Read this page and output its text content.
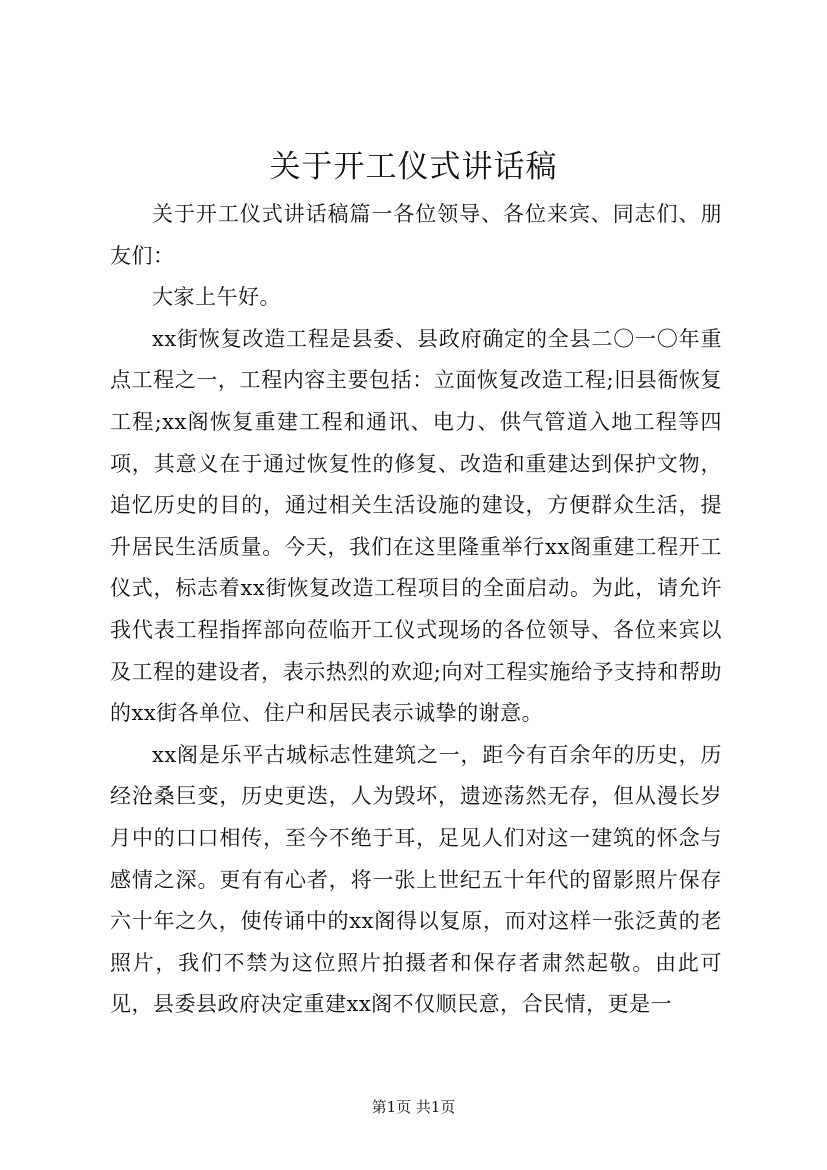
关于开工仪式讲话稿

关于开工仪式讲话稿篇一各位领导、各位来宾、同志们、朋友们：

大家上午好。

xx街恢复改造工程是县委、县政府确定的全县二〇一〇年重点工程之一，工程内容主要包括：立面恢复改造工程;旧县衙恢复工程;xx阁恢复重建工程和通讯、电力、供气管道入地工程等四项，其意义在于通过恢复性的修复、改造和重建达到保护文物，追忆历史的目的，通过相关生活设施的建设，方便群众生活，提升居民生活质量。今天，我们在这里隆重举行xx阁重建工程开工仪式，标志着xx街恢复改造工程项目的全面启动。为此，请允许我代表工程指挥部向莅临开工仪式现场的各位领导、各位来宾以及工程的建设者，表示热烈的欢迎;向对工程实施给予支持和帮助的xx街各单位、住户和居民表示诚挚的谢意。

xx阁是乐平古城标志性建筑之一，距今有百余年的历史，历经沧桑巨变，历史更迭，人为毁坏，遗迹荡然无存，但从漫长岁月中的口口相传，至今不绝于耳，足见人们对这一建筑的怀念与感情之深。更有有心者，将一张上世纪五十年代的留影照片保存六十年之久，使传诵中的xx阁得以复原，而对这样一张泛黄的老照片，我们不禁为这位照片拍摄者和保存者肃然起敬。由此可见，县委县政府决定重建xx阁不仅顺民意，合民情，更是一

第1页 共1页
